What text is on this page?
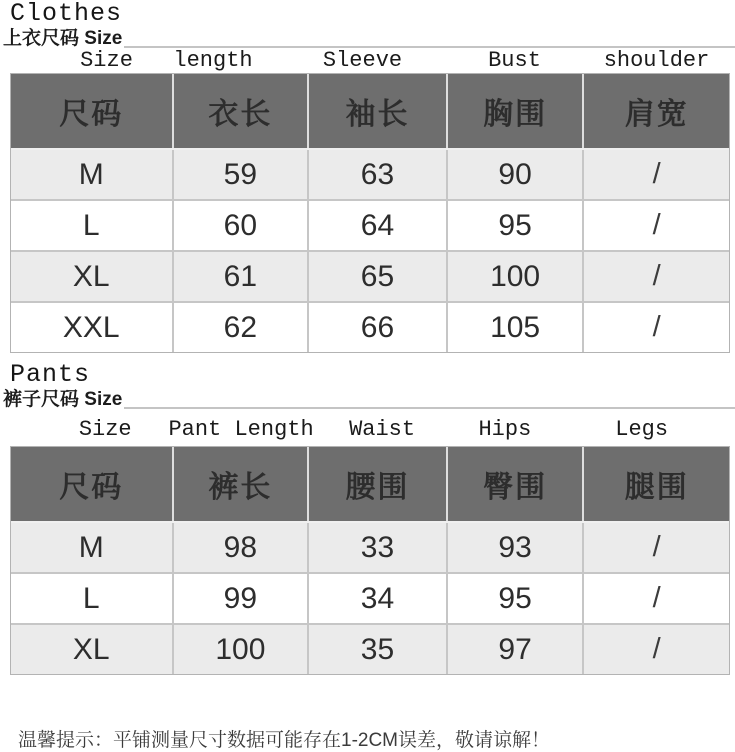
Clothes
上衣尺码 Size
Size	length	Sleeve	Bust	shoulder
尺码	衣长	袖长	胸围	肩宽
M	59	63	90	/
L	60	64	95	/
XL	61	65	100	/
XXL	62	66	105	/
Pants
裤子尺码 Size
Size	Pant Length	Waist	Hips	Legs
尺码	裤长	腰围	臀围	腿围
M	98	33	93	/
L	99	34	95	/
XL	100	35	97	/
温馨提示：平铺测量尺寸数据可能存在1-2CM误差，敬请谅解！
